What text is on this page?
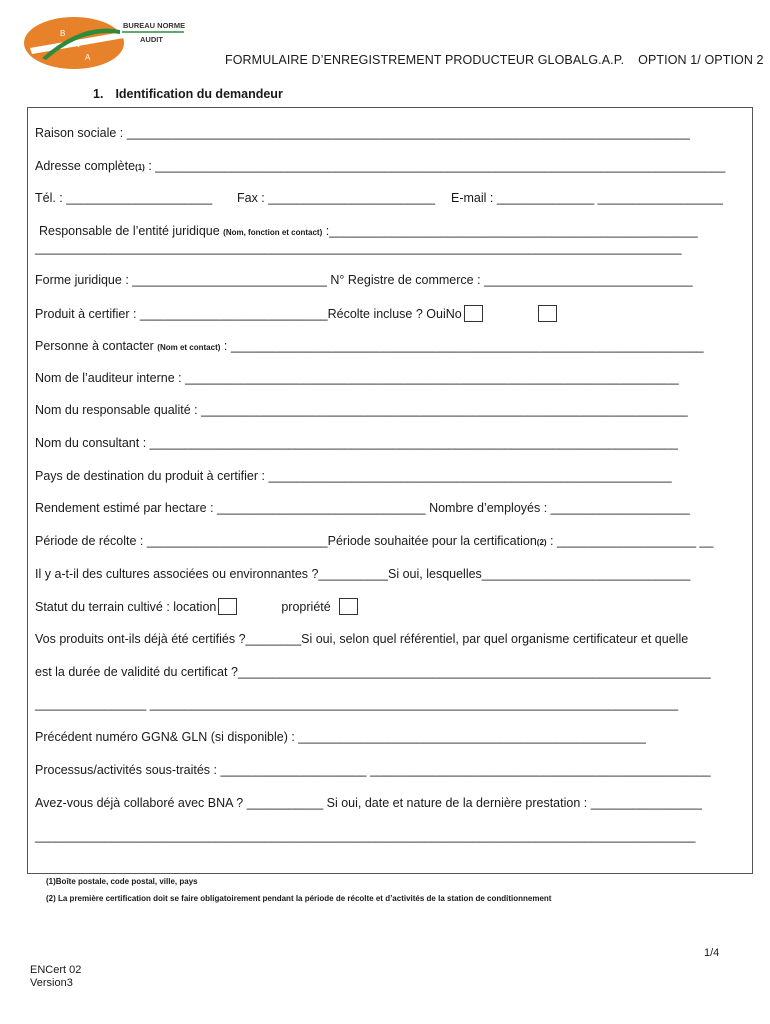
B
N
A
BUREAU NORME
AUDIT
FORMULAIRE D’ENREGISTREMENT PRODUCTEUR GLOBALG.A.P. OPTION 1/ OPTION 2
1. Identification du demandeur
Raison sociale : _________________________________________________________________________________
Adresse complète(1) : __________________________________________________________________________________
Tél. : _____________________ Fax : ________________________ E-mail : ______________ __________________
Responsable de l’entité juridique (Nom, fonction et contact) :_____________________________________________________
_____________________________________________________________________________________________
Forme juridique : ____________________________ N° Registre de commerce : ______________________________
Produit à certifier : ___________________________Récolte incluse ? OuiNo
Personne à contacter (Nom et contact) : ____________________________________________________________________
Nom de l’auditeur interne : _______________________________________________________________________
Nom du responsable qualité : ______________________________________________________________________
Nom du consultant : ____________________________________________________________________________
Pays de destination du produit à certifier : __________________________________________________________
Rendement estimé par hectare : ______________________________ Nombre d’employés : ____________________
Période de récolte : __________________________Période souhaitée pour la certification(2) : ____________________ __
Il y a-t-il des cultures associées ou environnantes ?__________Si oui, lesquelles______________________________
Statut du terrain cultivé : location	propriété
Vos produits ont-ils déjà été certifiés ?________Si oui, selon quel référentiel, par quel organisme certificateur et quelle
est la durée de validité du certificat ?____________________________________________________________________
________________ ____________________________________________________________________________
Précédent numéro GGN& GLN (si disponible) : __________________________________________________
Processus/activités sous-traités : _____________________ _________________________________________________
Avez-vous déjà collaboré avec BNA ? ___________ Si oui, date et nature de la dernière prestation : ________________
_______________________________________________________________________________________________
(1)Boîte postale, code postal, ville, pays
(2) La première certification doit se faire obligatoirement pendant la période de récolte et d’activités de la station de conditionnement
1/4
ENCert 02
Version3
